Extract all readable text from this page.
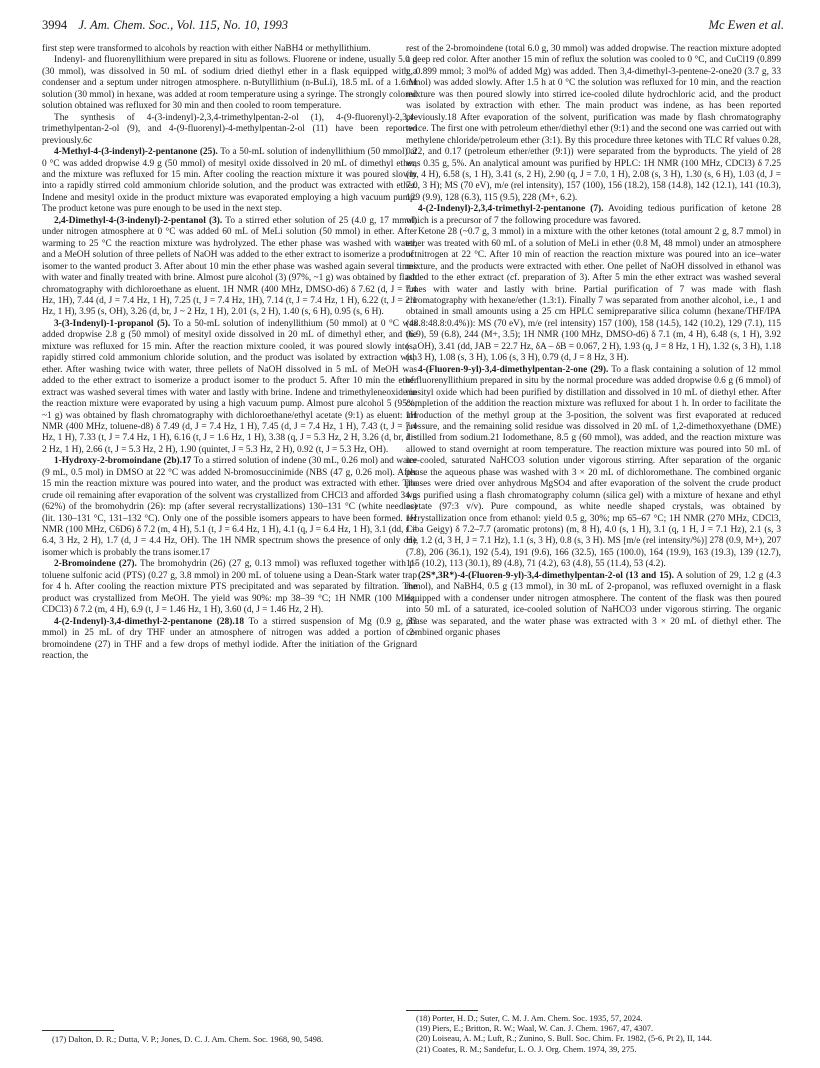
3994 J. Am. Chem. Soc., Vol. 115, No. 10, 1993	Mc Ewen et al.

first step were transformed to alcohols by reaction with either NaBH4 or methyllithium.

Indenyl- and fluorenyllithium were prepared in situ as follows. Fluorene or indene, usually 5.0 g (30 mmol), was dissolved in 50 mL of sodium dried diethyl ether in a flask equipped with a condenser and a septum under nitrogen atmosphere. n-Butyllithium (n-BuLi), 18.5 mL of a 1.6 M solution (30 mmol) in hexane, was added at room temperature using a syringe. The strongly colored solution obtained was refluxed for 30 min and then cooled to room temperature.

The synthesis of 4-(3-indenyl)-2,3,4-trimethylpentan-2-ol (1), 4-(9-fluorenyl)-2,3,4-trimethylpentan-2-ol (9), and 4-(9-fluorenyl)-4-methylpentan-2-ol (11) have been reported previously.6c

4-Methyl-4-(3-indenyl)-2-pentanone (25). To a 50-mL solution of indenyllithium (50 mmol) at 0 °C was added dropwise 4.9 g (50 mmol) of mesityl oxide dissolved in 20 mL of dimethyl ether, and the mixture was refluxed for 15 min. After cooling the reaction mixture it was poured slowly into a rapidly stirred cold ammonium chloride solution, and the product was extracted with ether. Indene and mesityl oxide in the product mixture was evaporated employing a high vacuum pump. The product ketone was pure enough to be used in the next step.

2,4-Dimethyl-4-(3-indenyl)-2-pentanol (3). To a stirred ether solution of 25 (4.0 g, 17 mmol) under nitrogen atmosphere at 0 °C was added 60 mL of MeLi solution (50 mmol) in ether. After warming to 25 °C the reaction mixture was hydrolyzed. The ether phase was washed with water, and a MeOH solution of three pellets of NaOH was added to the ether extract to isomerize a product isomer to the wanted product 3. After about 10 min the ether phase was washed again several times with water and finally treated with brine. Almost pure alcohol (3) (97%, ~1 g) was obtained by flash chromatography with dichloroethane as eluent. 1H NMR (400 MHz, DMSO-d6) δ 7.62 (d, J = 7.4 Hz, 1H), 7.44 (d, J = 7.4 Hz, 1 H), 7.25 (t, J = 7.4 Hz, 1H), 7.14 (t, J = 7.4 Hz, 1 H), 6.22 (t, J = 2.1 Hz, 1 H), 3.95 (s, OH), 3.26 (d, br, J ~ 2 Hz, 1 H), 2.01 (s, 2 H), 1.40 (s, 6 H), 0.95 (s, 6 H).

3-(3-Indenyl)-1-propanol (5). To a 50-mL solution of indenyllithium (50 mmol) at 0 °C was added dropwise 2.8 g (50 mmol) of mesityl oxide dissolved in 20 mL of dimethyl ether, and the mixture was refluxed for 15 min. After the reaction mixture cooled, it was poured slowly into a rapidly stirred cold ammonium chloride solution, and the product was isolated by extraction with ether. After washing twice with water, three pellets of NaOH dissolved in 5 mL of MeOH was added to the ether extract to isomerize a product isomer to the product 5. After 10 min the ether extract was washed several times with water and lastly with brine. Indene and trimethyleneoxide in the reaction mixture were evaporated by using a high vacuum pump. Almost pure alcohol 5 (95%, ~1 g) was obtained by flash chromatography with dichloroethane/ethyl acetate (9:1) as eluent: 1H NMR (400 MHz, toluene-d8) δ 7.49 (d, J = 7.4 Hz, 1 H), 7.45 (d, J = 7.4 Hz, 1 H), 7.43 (t, J = 7.4 Hz, 1 H), 7.33 (t, J = 7.4 Hz, 1 H), 6.16 (t, J = 1.6 Hz, 1 H), 3.38 (q, J = 5.3 Hz, 2 H, 3.26 (d, br, J ~ 2 Hz, 1 H), 2.66 (t, J = 5.3 Hz, 2 H), 1.90 (quintet, J = 5.3 Hz, 2 H), 0.92 (t, J = 5.3 Hz, OH).

1-Hydroxy-2-bromoindane (2b).17 To a stirred solution of indene (30 mL, 0.26 mol) and water (9 mL, 0.5 mol) in DMSO at 22 °C was added N-bromosuccinimide (NBS (47 g, 0.26 mol). After 15 min the reaction mixture was poured into water, and the product was extracted with ether. The crude oil remaining after evaporation of the solvent was crystallized from CHCl3 and afforded 34 g (62%) of the bromohydrin (26): mp (after several recrystallizations) 130–131 °C (white needles) (lit. 130–131 °C, 131–132 °C). Only one of the possible isomers appears to have been formed. 1H NMR (100 MHz, C6D6) δ 7.2 (m, 4 H), 5.1 (t, J = 6.4 Hz, 1 H), 4.1 (q, J = 6.4 Hz, 1 H), 3.1 (dd, J = 6.4, 3 Hz, 2 H), 1.7 (d, J = 4.4 Hz, OH). The 1H NMR spectrum shows the presence of only one isomer which is probably the trans isomer.17

2-Bromoindene (27). The bromohydrin (26) (27 g, 0.13 mmol) was refluxed together with p-toluene sulfonic acid (PTS) (0.27 g, 3.8 mmol) in 200 mL of toluene using a Dean-Stark water trap for 4 h. After cooling the reaction mixture PTS precipitated and was separated by filtration. The product was crystallized from MeOH. The yield was 90%: mp 38–39 °C; 1H NMR (100 MHz, CDCl3) δ 7.2 (m, 4 H), 6.9 (t, J = 1.46 Hz, 1 H), 3.60 (d, J = 1.46 Hz, 2 H).

4-(2-Indenyl)-3,4-dimethyl-2-pentanone (28).18 To a stirred suspension of Mg (0.9 g, 33 mmol) in 25 mL of dry THF under an atmosphere of nitrogen was added a portion of 2-bromoindene (27) in THF and a few drops of methyl iodide. After the initiation of the Grignard reaction, the

(17) Dalton, D. R.; Dutta, V. P.; Jones, D. C. J. Am. Chem. Soc. 1968, 90, 5498.

rest of the 2-bromoindene (total 6.0 g, 30 mmol) was added dropwise. The reaction mixture adopted a deep red color. After another 15 min of reflux the solution was cooled to 0 °C, and CuCl19 (0.899 g, 0.899 mmol; 3 mol% of added Mg) was added. Then 3,4-dimethyl-3-pentene-2-one20 (3.7 g, 33 mmol) was added slowly. After 1.5 h at 0 °C the solution was refluxed for 10 min, and the reaction mixture was then poured slowly into stirred ice-cooled dilute hydrochloric acid, and the product was isolated by extraction with ether. The main product was indene, as has been reported previously.18 After evaporation of the solvent, purification was made by flash chromatography twice. The first one with petroleum ether/diethyl ether (9:1) and the second one was carried out with methylene chloride/petroleum ether (3:1). By this procedure three ketones with TLC Rf values 0.28, 0.22, and 0.17 (petroleum ether/ether (9:1)) were separated from the byproducts. The yield of 28 was 0.35 g, 5%. An analytical amount was purified by HPLC: 1H NMR (100 MHz, CDCl3) δ 7.25 (m, 4 H), 6.58 (s, 1 H), 3.41 (s, 2 H), 2.90 (q, J = 7.0, 1 H), 2.08 (s, 3 H), 1.30 (s, 6 H), 1.03 (d, J = 7.0, 3 H); MS (70 eV), m/e (rel intensity), 157 (100), 156 (18.2), 158 (14.8), 142 (12.1), 141 (10.3), 129 (9.9), 128 (6.3), 115 (9.5), 228 (M+, 6.2).

4-(2-Indenyl)-2,3,4-trimethyl-2-pentanone (7). Avoiding tedious purification of ketone 28 which is a precursor of 7 the following procedure was favored.

Ketone 28 (~0.7 g, 3 mmol) in a mixture with the other ketones (total amount 2 g, 8.7 mmol) in ether was treated with 60 mL of a solution of MeLi in ether (0.8 M, 48 mmol) under an atmosphere of nitrogen at 22 °C. After 10 min of reaction the reaction mixture was poured into an ice–water mixture, and the products were extracted with ether. One pellet of NaOH dissolved in ethanol was added to the ether extract (cf. preparation of 3). After 5 min the ether extract was washed several times with water and lastly with brine. Partial purification of 7 was made with flash chromatography with hexane/ether (1.3:1). Finally 7 was separated from another alcohol, i.e., 1 and obtained in small amounts using a 25 cm HPLC semipreparative silica column (hexane/THF/IPA (48.8:48.8:0.4%)): MS (70 eV), m/e (rel intensity) 157 (100), 158 (14.5), 142 (10.2), 129 (7.1), 115 (6.9), 59 (6.8), 244 (M+, 3.5); 1H NMR (100 MHz, DMSO-d6) δ 7.1 (m, 4 H), 6.48 (s, 1 H), 3.92 (s, OH), 3.41 (dd, JAB = 22.7 Hz, δA – δB = 0.067, 2 H), 1.93 (q, J = 8 Hz, 1 H), 1.32 (s, 3 H), 1.18 (s, 3 H), 1.08 (s, 3 H), 1.06 (s, 3 H), 0.79 (d, J = 8 Hz, 3 H).

4-(Fluoren-9-yl)-3,4-dimethylpentan-2-one (29). To a flask containing a solution of 12 mmol of fluorenyllithium prepared in situ by the normal procedure was added dropwise 0.6 g (6 mmol) of mesityl oxide which had been purified by distillation and dissolved in 10 mL of diethyl ether. After completion of the addition the reaction mixture was refluxed for about 1 h. In order to facilitate the introduction of the methyl group at the 3-position, the solvent was first evaporated at reduced pressure, and the remaining solid residue was dissolved in 20 mL of 1,2-dimethoxyethane (DME) distilled from sodium.21 Iodomethane, 8.5 g (60 mmol), was added, and the reaction mixture was allowed to stand overnight at room temperature. The reaction mixture was poured into 50 mL of ice-cooled, saturated NaHCO3 solution under vigorous stirring. After separation of the organic phase the aqueous phase was washed with 3 × 20 mL of dichloromethane. The combined organic phases were dried over anhydrous MgSO4 and after evaporation of the solvent the crude product was purified using a flash chromatography column (silica gel) with a mixture of hexane and ethyl acetate (97:3 v/v). Pure compound, as white needle shaped crystals, was obtained by recrystallization once from ethanol: yield 0.5 g, 30%; mp 65–67 °C; 1H NMR (270 MHz, CDCl3, Ciba Geigy) δ 7.2–7.7 (aromatic protons) (m, 8 H), 4.0 (s, 1 H), 3.1 (q, 1 H, J = 7.1 Hz), 2.1 (s, 3 H), 1.2 (d, 3 H, J = 7.1 Hz), 1.1 (s, 3 H), 0.8 (s, 3 H). MS [m/e (rel intensity/%)] 278 (0.9, M+), 207 (7.8), 206 (36.1), 192 (5.4), 191 (9.6), 166 (32.5), 165 (100.0), 164 (19.9), 163 (19.3), 139 (12.7), 115 (10.2), 113 (30.1), 89 (4.8), 71 (4.2), 63 (4.8), 55 (11.4), 53 (4.2).

(2S*,3R*)-4-(Fluoren-9-yl)-3,4-dimethylpentan-2-ol (13 and 15). A solution of 29, 1.2 g (4.3 mmol), and NaBH4, 0.5 g (13 mmol), in 30 mL of 2-propanol, was refluxed overnight in a flask equipped with a condenser under nitrogen atmosphere. The content of the flask was then poured into 50 mL of a saturated, ice-cooled solution of NaHCO3 under vigorous stirring. The organic phase was separated, and the water phase was extracted with 3 × 20 mL of diethyl ether. The combined organic phases

(18) Porter, H. D.; Suter, C. M. J. Am. Chem. Soc. 1935, 57, 2024.

(19) Piers, E.; Britton, R. W.; Waal, W. Can. J. Chem. 1967, 47, 4307.

(20) Loiseau, A. M.; Luft, R.; Zunino, S. Bull. Soc. Chim. Fr. 1982, (5-6, Pt 2), II, 144.

(21) Coates, R. M.; Sandefur, L. O. J. Org. Chem. 1974, 39, 275.
